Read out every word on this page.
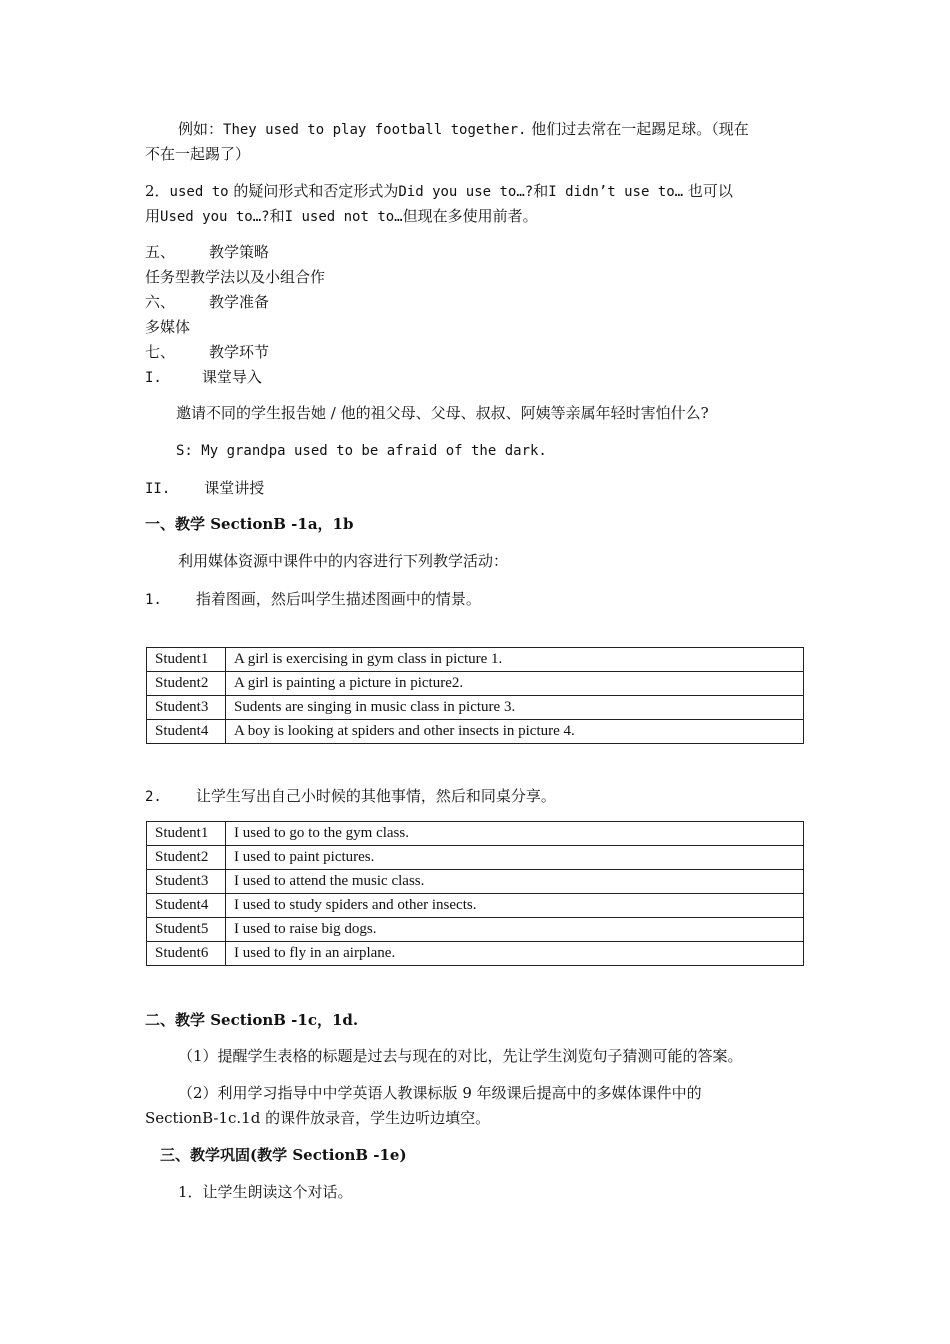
例如：They used to play football together. 他们过去常在一起踢足球。（现在
不在一起踢了）
2．used to 的疑问形式和否定形式为Did you use to…?和I didn’t use to… 也可以
用Used you to…?和I used not to…但现在多使用前者。
五、 教学策略
任务型教学法以及小组合作
六、 教学准备
多媒体
七、 教学环节
I.	课堂导入
邀请不同的学生报告她 / 他的祖父母、父母、叔叔、阿姨等亲属年轻时害怕什么?
S: My grandpa used to be afraid of the dark.
II. 课堂讲授
一、教学 SectionB -1a，1b
利用媒体资源中课件中的内容进行下列教学活动：
1. 指着图画，然后叫学生描述图画中的情景。
Student1	A girl is exercising in gym class in picture 1.
Student2	A girl is painting a picture in picture2.
Student3	Sudents are singing in music class in picture 3.
Student4	A boy is looking at spiders and other insects in picture 4.
2. 让学生写出自己小时候的其他事情，然后和同桌分享。
Student1	I used to go to the gym class.
Student2	I used to paint pictures.
Student3	I used to attend the music class.
Student4	I used to study spiders and other insects.
Student5	I used to raise big dogs.
Student6	I used to fly in an airplane.
二、教学 SectionB -1c，1d.
（1）提醒学生表格的标题是过去与现在的对比，先让学生浏览句子猜测可能的答案。
（2）利用学习指导中中学英语人教课标版 9 年级课后提高中的多媒体课件中的
SectionB-1c.1d 的课件放录音，学生边听边填空。
三、教学巩固(教学 SectionB -1e)
1．让学生朗读这个对话。
